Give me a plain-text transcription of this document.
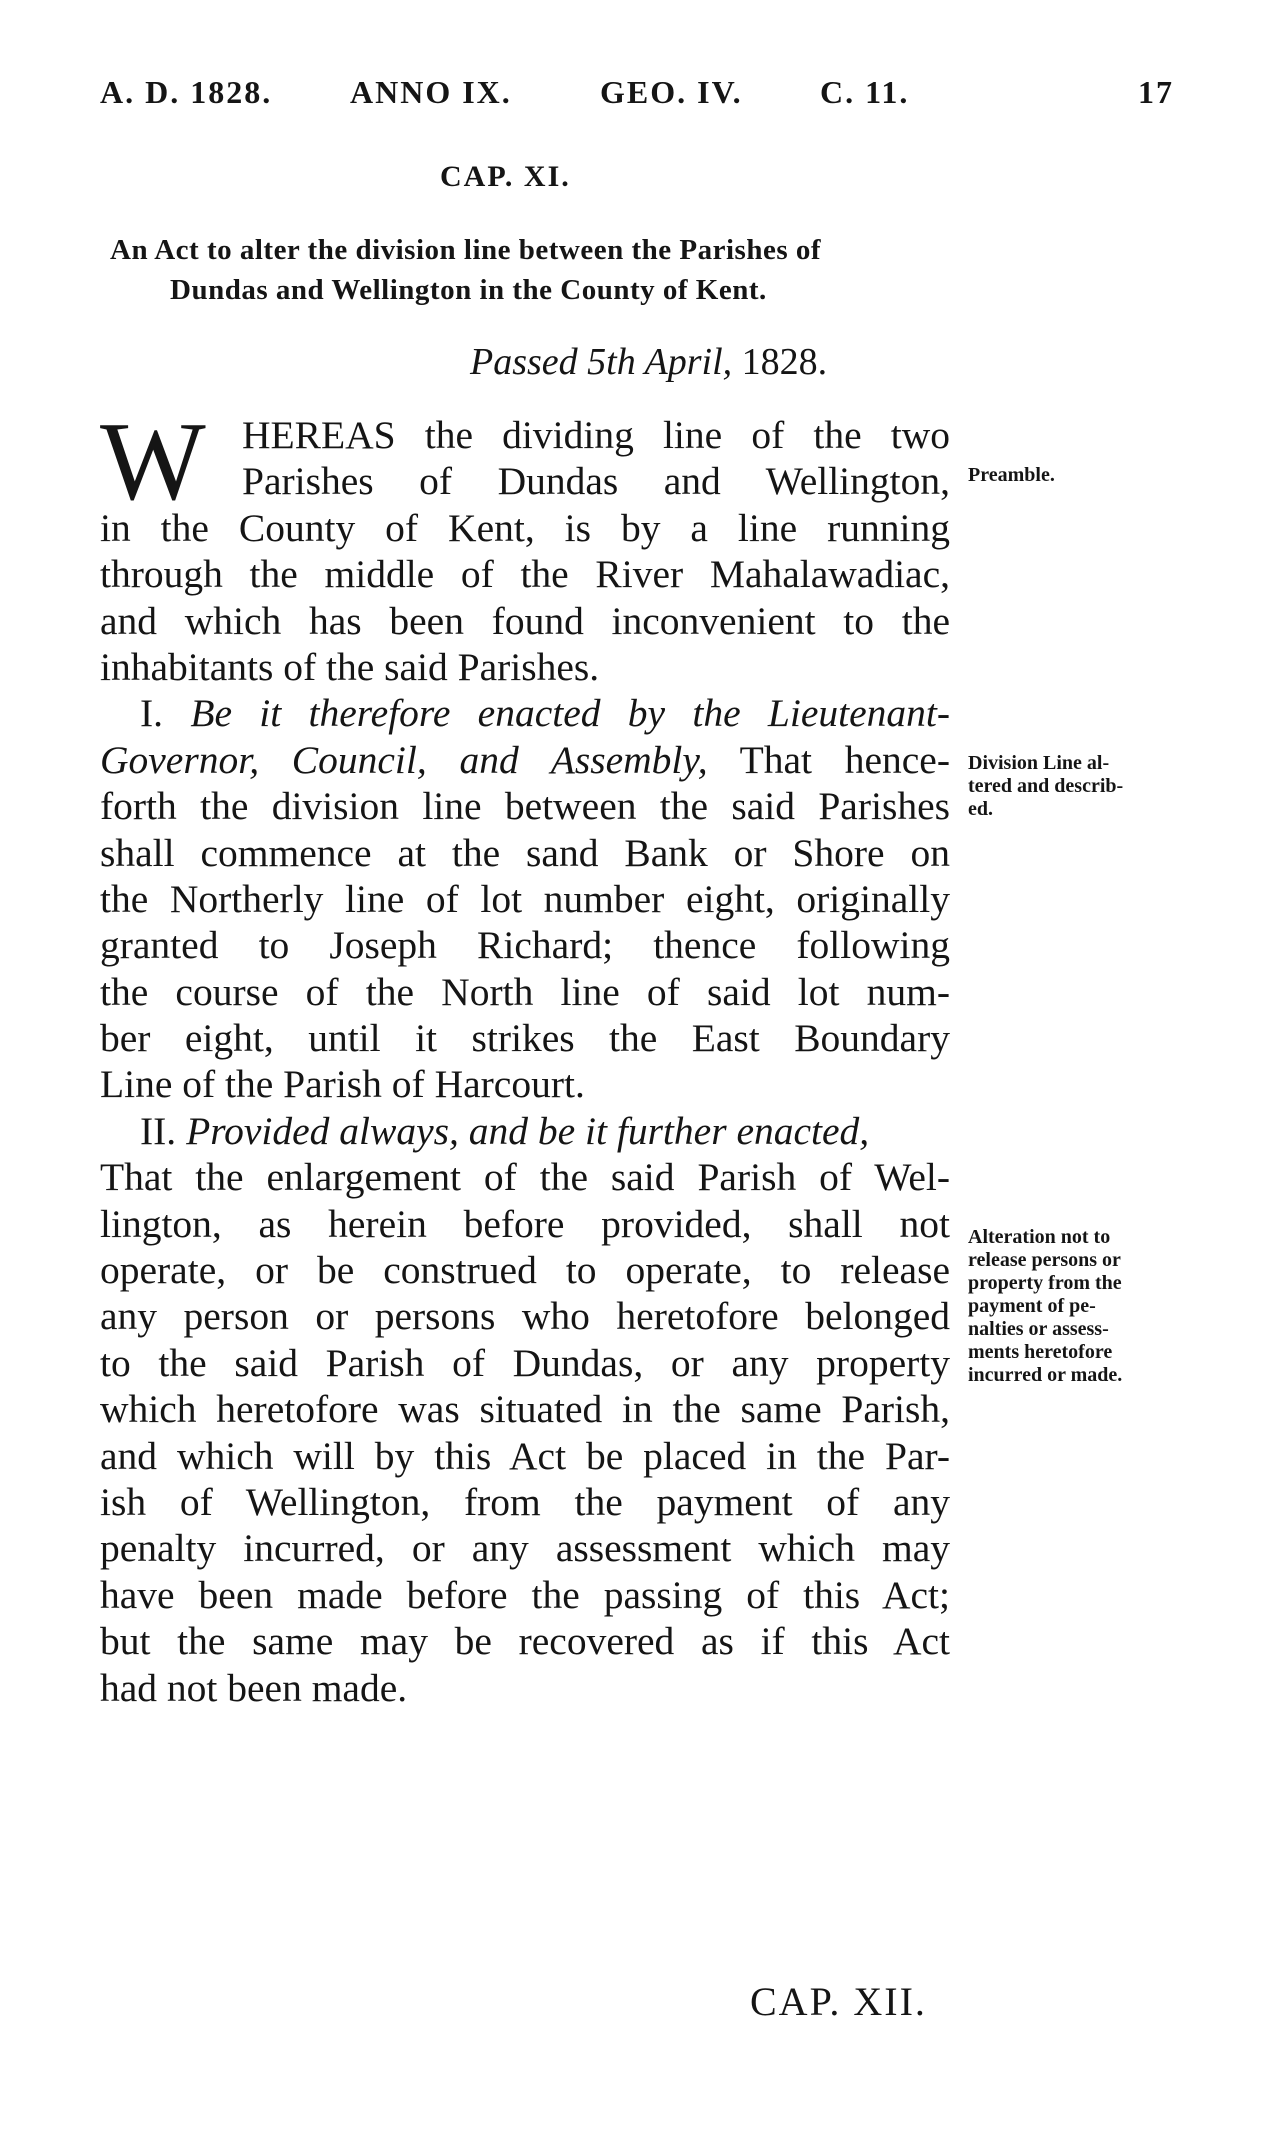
A. D. 1828. ANNO IX.	GEO. IV. C. 11.	17
CAP. XI.
An Act to alter the division line between the Parishes of
Dundas and Wellington in the County of Kent.
Passed 5th April, 1828.
W HEREAS the dividing line of the two
Parishes of Dundas and Wellington,
in the County of Kent, is by a line running
through the middle of the River Mahalawadiac,
and which has been found inconvenient to the
inhabitants of the said Parishes.
I. Be it therefore enacted by the Lieutenant-
Governor, Council, and Assembly, That hence-
forth the division line between the said Parishes
shall commence at the sand Bank or Shore on
the Northerly line of lot number eight, originally
granted to Joseph Richard; thence following
the course of the North line of said lot num-
ber eight, until it strikes the East Boundary
Line of the Parish of Harcourt.
II. Provided always, and be it further enacted,
That the enlargement of the said Parish of Wel-
lington, as herein before provided, shall not
operate, or be construed to operate, to release
any person or persons who heretofore belonged
to the said Parish of Dundas, or any property
which heretofore was situated in the same Parish,
and which will by this Act be placed in the Par-
ish of Wellington, from the payment of any
penalty incurred, or any assessment which may
have been made before the passing of this Act;
but the same may be recovered as if this Act
had not been made.
Preamble.
Division Line al-
tered and describ-
ed.
Alteration not to
release persons or
property from the
payment of pe-
nalties or assess-
ments heretofore
incurred or made.
CAP. XII.
